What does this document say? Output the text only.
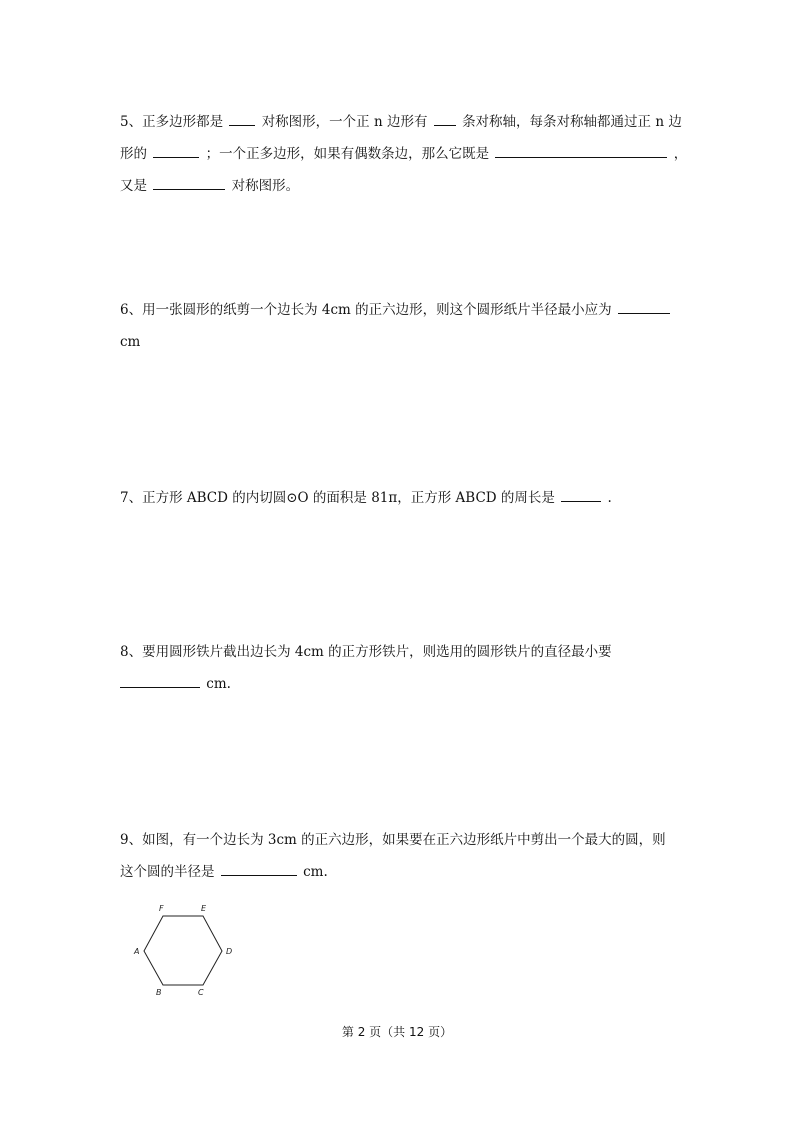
5、正多边形都是	对称图形，一个正 n 边形有	条对称轴，每条对称轴都通过正 n 边
形的	；一个正多边形，如果有偶数条边，那么它既是	，
又是	对称图形。
6、用一张圆形的纸剪一个边长为 4cm 的正六边形，则这个圆形纸片半径最小应为
cm
7、正方形 ABCD 的内切圆⊙O 的面积是 81π，正方形 ABCD 的周长是	.
8、要用圆形铁片截出边长为 4cm 的正方形铁片，则选用的圆形铁片的直径最小要
cm.
9、如图，有一个边长为 3cm 的正六边形，如果要在正六边形纸片中剪出一个最大的圆，则
这个圆的半径是	cm.
A
B	C
D
E
F
第 2 页（共 12 页）
